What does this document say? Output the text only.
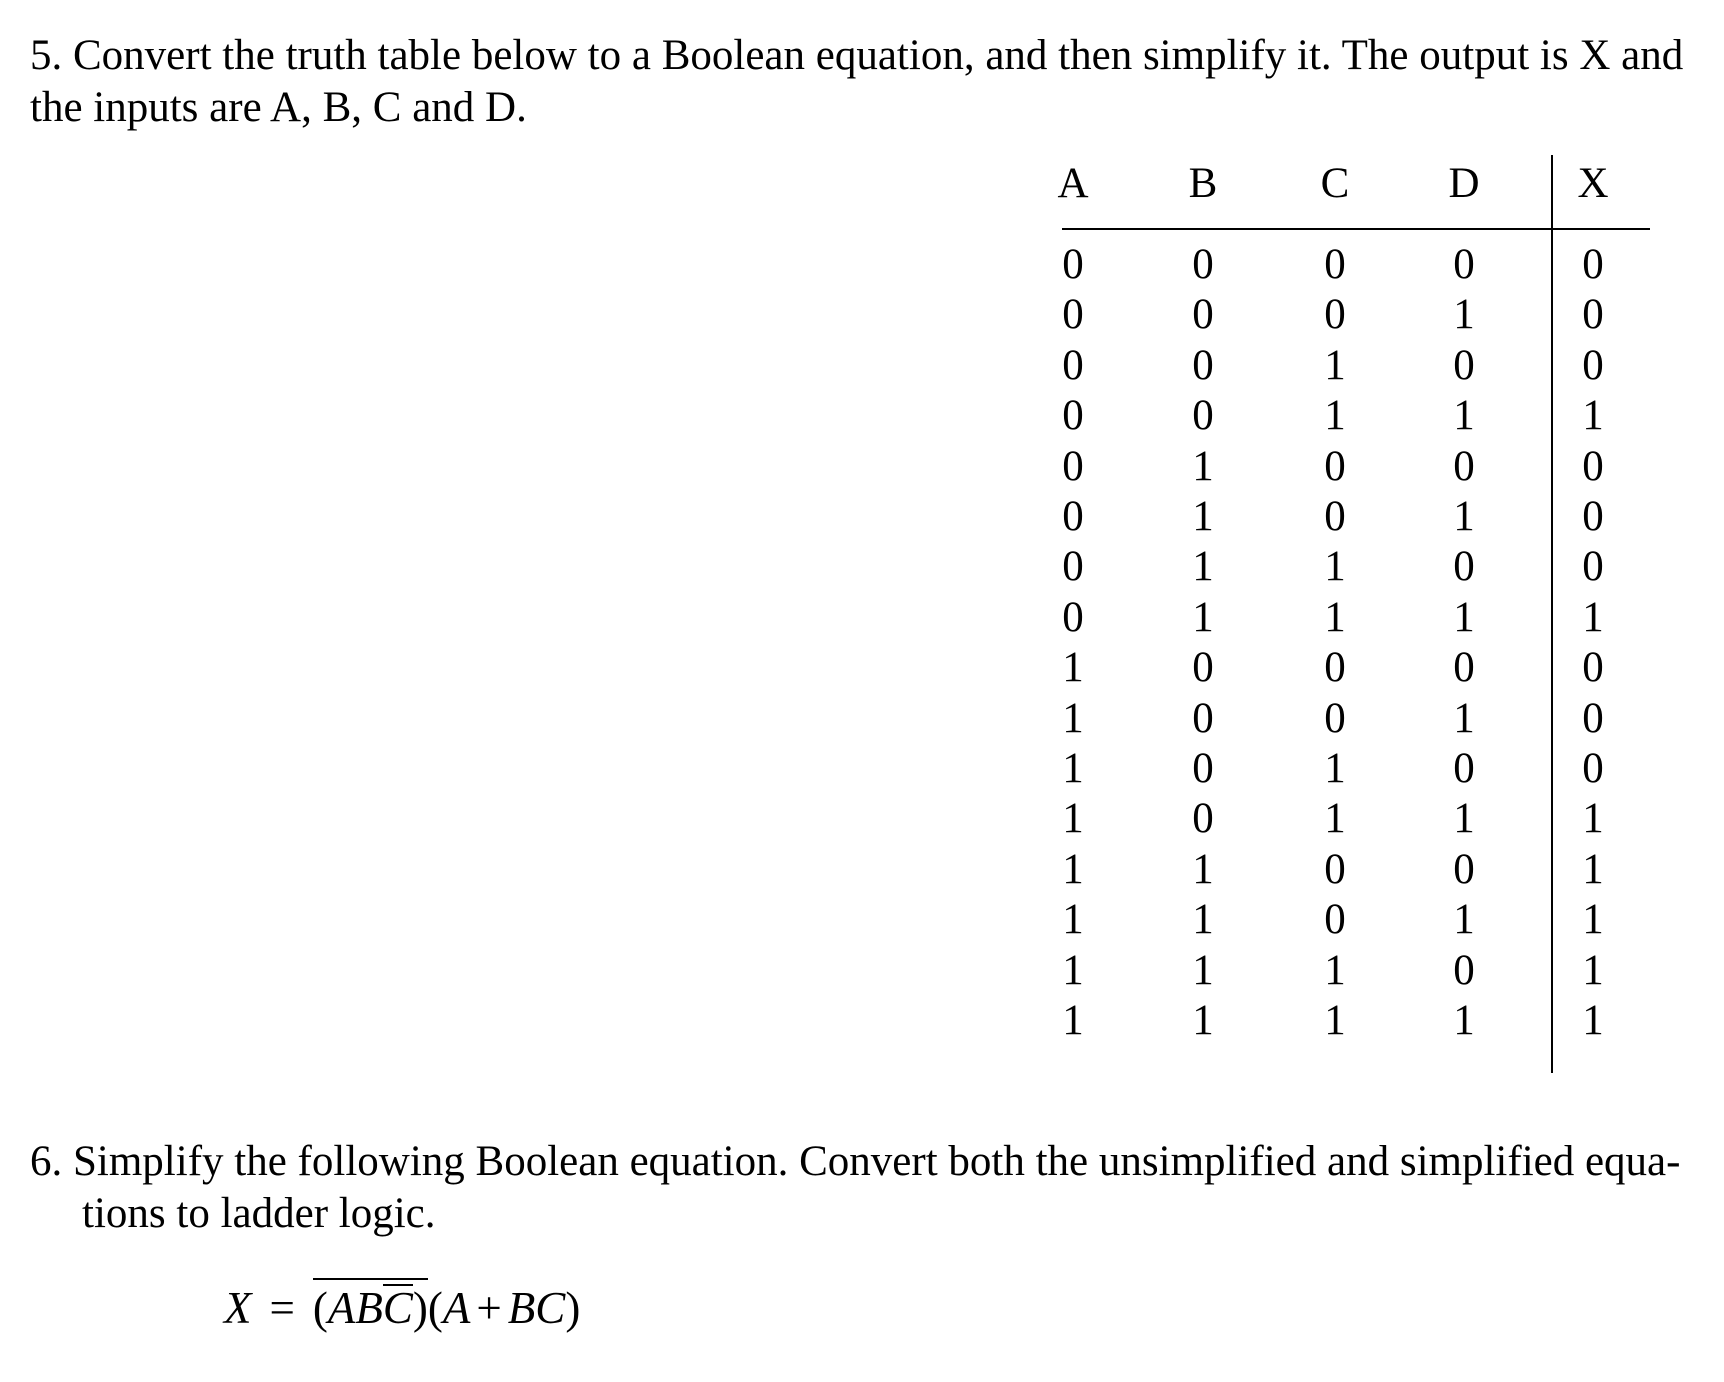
5. Convert the truth table below to a Boolean equation, and then simplify it. The output is X and the inputs are A, B, C and D.

A	B	C	D	X
0	0	0	0	0
0	0	0	1	0
0	0	1	0	0
0	0	1	1	1
0	1	0	0	0
0	1	0	1	0
0	1	1	0	0
0	1	1	1	1
1	0	0	0	0
1	0	0	1	0
1	0	1	0	0
1	0	1	1	1
1	1	0	0	1
1	1	0	1	1
1	1	1	0	1
1	1	1	1	1

6. Simplify the following Boolean equation. Convert both the unsimplified and simplified equa-
tions to ladder logic.

X = (ABC)(A + BC)
